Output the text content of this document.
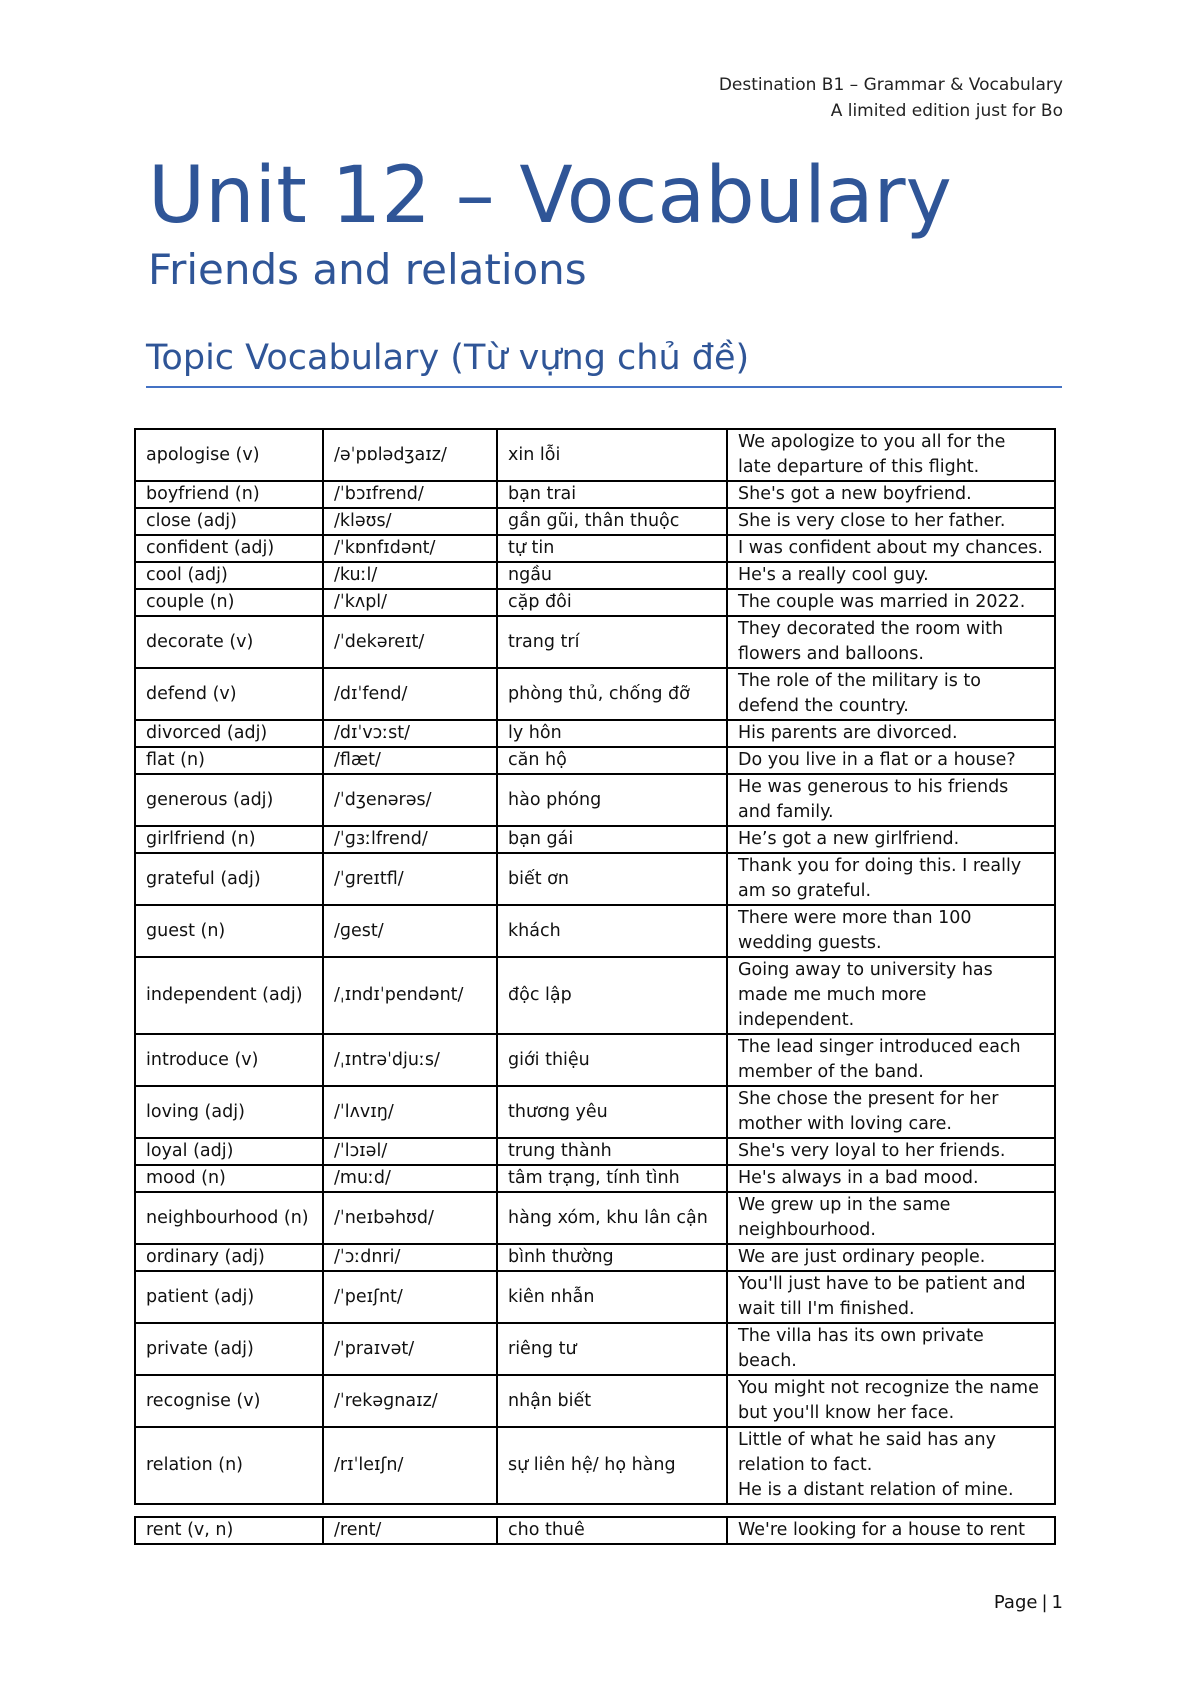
Destination B1 – Grammar & Vocabulary
A limited edition just for Bo
Unit 12 – Vocabulary
Friends and relations
Topic Vocabulary (Từ vựng chủ đề)
apologise (v)	/əˈpɒlədʒaɪz/	xin lỗi	We apologize to you all for the late departure of this flight.

boyfriend (n)	/ˈbɔɪfrend/	bạn trai	She's got a new boyfriend.

close (adj)	/kləʊs/	gần gũi, thân thuộc	She is very close to her father.

confident (adj)	/ˈkɒnfɪdənt/	tự tin	I was confident about my chances.

cool (adj)	/kuːl/	ngầu	He's a really cool guy.

couple (n)	/ˈkʌpl/	cặp đôi	The couple was married in 2022.

decorate (v)	/ˈdekəreɪt/	trang trí	They decorated the room with flowers and balloons.

defend (v)	/dɪˈfend/	phòng thủ, chống đỡ	The role of the military is to defend the country.

divorced (adj)	/dɪˈvɔːst/	ly hôn	His parents are divorced.

flat (n)	/flæt/	căn hộ	Do you live in a flat or a house?

generous (adj)	/ˈdʒenərəs/	hào phóng	He was generous to his friends and family.

girlfriend (n)	/ˈɡɜːlfrend/	bạn gái	He’s got a new girlfriend.

grateful (adj)	/ˈɡreɪtfl/	biết ơn	Thank you for doing this. I really am so grateful.

guest (n)	/ɡest/	khách	There were more than 100 wedding guests.

independent (adj)	/ˌɪndɪˈpendənt/	độc lập	Going away to university has made me much more independent.

introduce (v)	/ˌɪntrəˈdjuːs/	giới thiệu	The lead singer introduced each member of the band.

loving (adj)	/ˈlʌvɪŋ/	thương yêu	She chose the present for her mother with loving care.

loyal (adj)	/ˈlɔɪəl/	trung thành	She's very loyal to her friends.

mood (n)	/muːd/	tâm trạng, tính tình	He's always in a bad mood.

neighbourhood (n)	/ˈneɪbəhʊd/	hàng xóm, khu lân cận	We grew up in the same neighbourhood.

ordinary (adj)	/ˈɔːdnri/	bình thường	We are just ordinary people.

patient (adj)	/ˈpeɪʃnt/	kiên nhẫn	You'll just have to be patient and wait till I'm finished.

private (adj)	/ˈpraɪvət/	riêng tư	The villa has its own private beach.

recognise (v)	/ˈrekəɡnaɪz/	nhận biết	You might not recognize the name but you'll know her face.

relation (n)	/rɪˈleɪʃn/	sự liên hệ/ họ hàng	Little of what he said has any relation to fact.
He is a distant relation of mine.
rent (v, n)	/rent/	cho thuê	We're looking for a house to rent
Page | 1
